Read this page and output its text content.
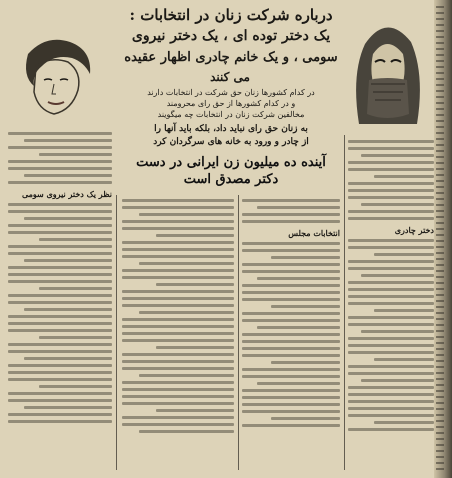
درباره شرکت زنان در انتخابات :
یک دختر توده ای ، یک دختر نیروی
سومی ، و یک خانم چادری اظهار عقیده
می کنند
در کدام کشورها زنان حق شرکت در انتخابات دارند
و در کدام کشورها از حق رای محرومند
مخالفین شرکت زنان در انتخابات چه میگویند
به زنان حق رای نباید داد، بلکه باید آنها را
از چادر و ورود به خانه های سرگردان کرد
آینده ده میلیون زن ایرانی در دست
دکتر مصدق است
نظر یک دختر نیروی سومی
انتخابات مجلس	دختر چادری
